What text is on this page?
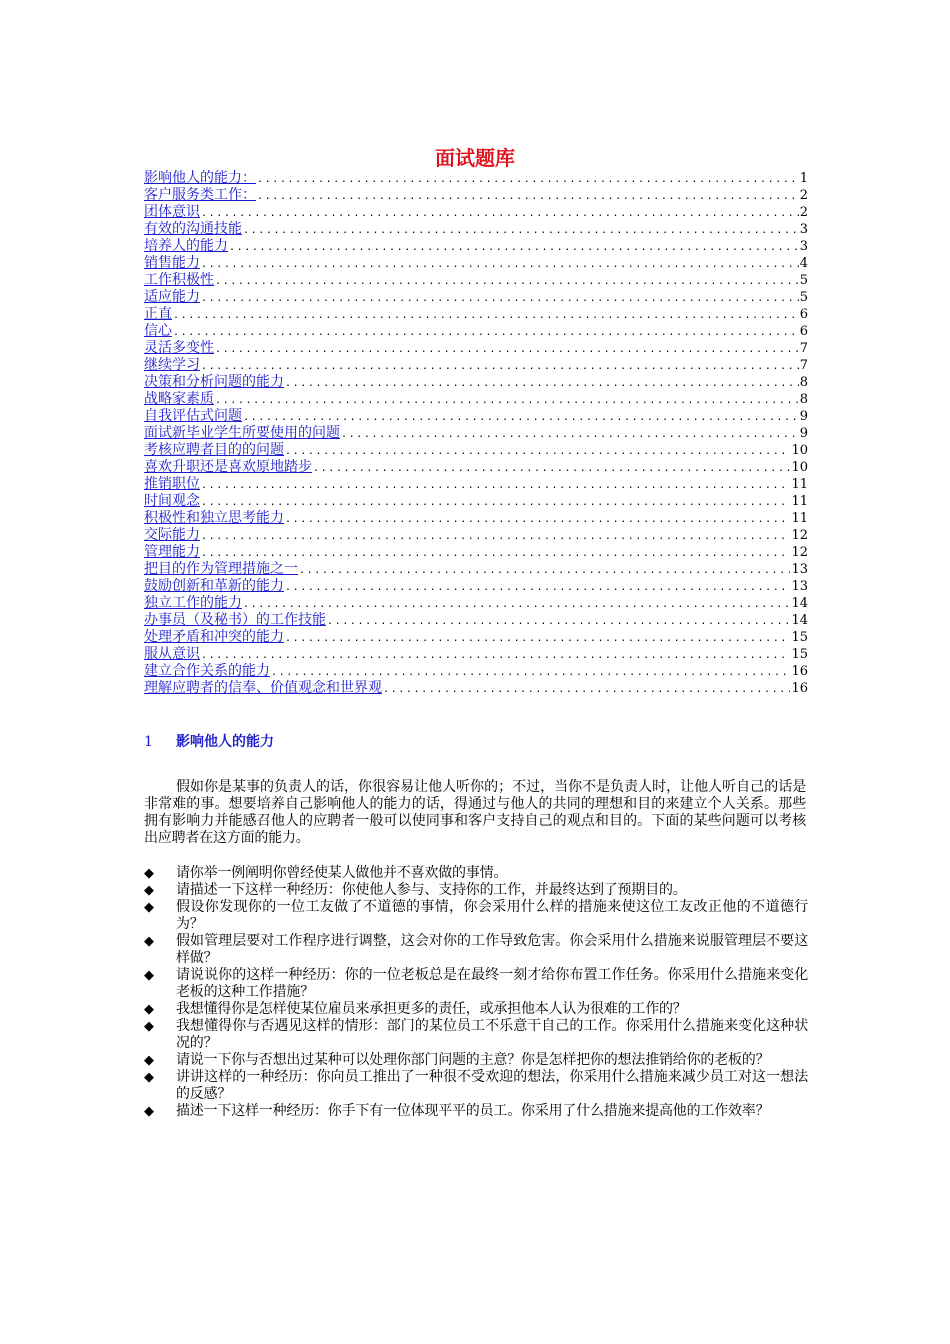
面试题库
影响他人的能力： .....	1
客户服务类工作： .....	2
团体意识 .....	2
有效的沟通技能 .....	3
培养人的能力 .....	3
销售能力 .....	4
工作积极性 .....	5
适应能力 .....	5
正直 .....	6
信心 .....	6
灵活多变性 .....	7
继续学习 .....	7
决策和分析问题的能力 .....	8
战略家素质 .....	8
自我评估式问题 .....	9
面试新毕业学生所要使用的问题 .....	9
考核应聘者目的的问题 .....	10
喜欢升职还是喜欢原地踏步 .....	10
推销职位 .....	11
时间观念 .....	11
积极性和独立思考能力 .....	11
交际能力 .....	12
管理能力 .....	12
把目的作为管理措施之一 .....	13
鼓励创新和革新的能力 .....	13
独立工作的能力 .....	14
办事员（及秘书）的工作技能 .....	14
处理矛盾和冲突的能力 .....	15
服从意识 .....	15
建立合作关系的能力 .....	16
理解应聘者的信奉、价值观念和世界观 .....	16
1 影响他人的能力

假如你是某事的负责人的话，你很容易让他人听你的；不过，当你不是负责人时，让他人听自己的话是非常难的事。想要培养自己影响他人的能力的话，得通过与他人的共同的理想和目的来建立个人关系。那些拥有影响力并能感召他人的应聘者一般可以使同事和客户支持自己的观点和目的。下面的某些问题可以考核出应聘者在这方面的能力。

◆	请你举一例阐明你曾经使某人做他并不喜欢做的事情。
◆	请描述一下这样一种经历：你使他人参与、支持你的工作，并最终达到了预期目的。
◆	假设你发现你的一位工友做了不道德的事情，你会采用什么样的措施来使这位工友改正他的不道德行为？
◆	假如管理层要对工作程序进行调整，这会对你的工作导致危害。你会采用什么措施来说服管理层不要这样做？
◆	请说说你的这样一种经历：你的一位老板总是在最终一刻才给你布置工作任务。你采用什么措施来变化老板的这种工作措施？
◆	我想懂得你是怎样使某位雇员来承担更多的责任，或承担他本人认为很难的工作的？
◆	我想懂得你与否遇见这样的情形：部门的某位员工不乐意干自己的工作。你采用什么措施来变化这种状况的？
◆	请说一下你与否想出过某种可以处理你部门问题的主意？你是怎样把你的想法推销给你的老板的？
◆	讲讲这样的一种经历：你向员工推出了一种很不受欢迎的想法，你采用什么措施来减少员工对这一想法的反感？
◆	描述一下这样一种经历：你手下有一位体现平平的员工。你采用了什么措施来提高他的工作效率？
